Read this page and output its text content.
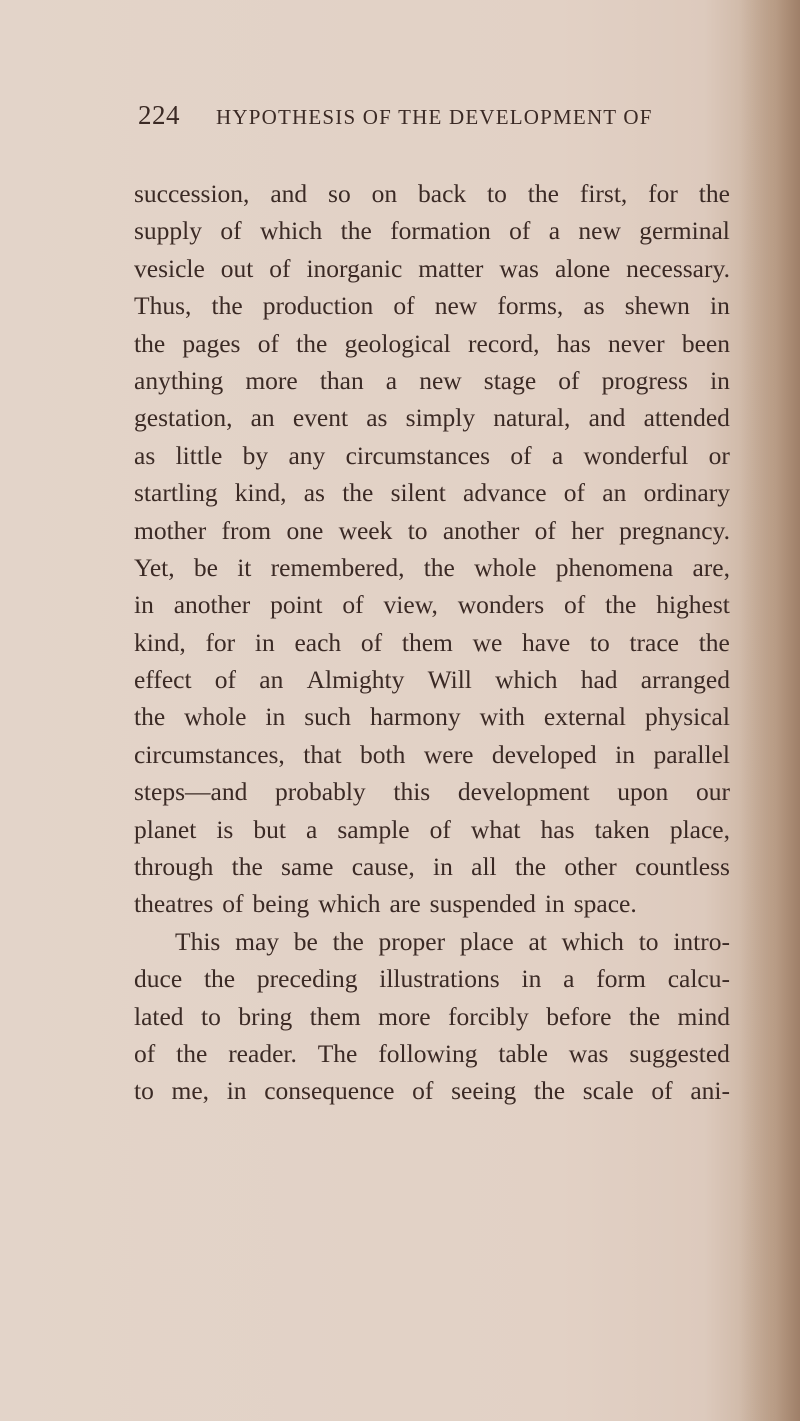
224 HYPOTHESIS OF THE DEVELOPMENT OF
succession, and so on back to the first, for the
supply of which the formation of a new germinal
vesicle out of inorganic matter was alone necessary.
Thus, the production of new forms, as shewn in
the pages of the geological record, has never been
anything more than a new stage of progress in
gestation, an event as simply natural, and attended
as little by any circumstances of a wonderful or
startling kind, as the silent advance of an ordinary
mother from one week to another of her pregnancy.
Yet, be it remembered, the whole phenomena are,
in another point of view, wonders of the highest
kind, for in each of them we have to trace the
effect of an Almighty Will which had arranged
the whole in such harmony with external physical
circumstances, that both were developed in parallel
steps—and probably this development upon our
planet is but a sample of what has taken place,
through the same cause, in all the other countless
theatres of being which are suspended in space.
This may be the proper place at which to intro-
duce the preceding illustrations in a form calcu-
lated to bring them more forcibly before the mind
of the reader. The following table was suggested
to me, in consequence of seeing the scale of ani-
